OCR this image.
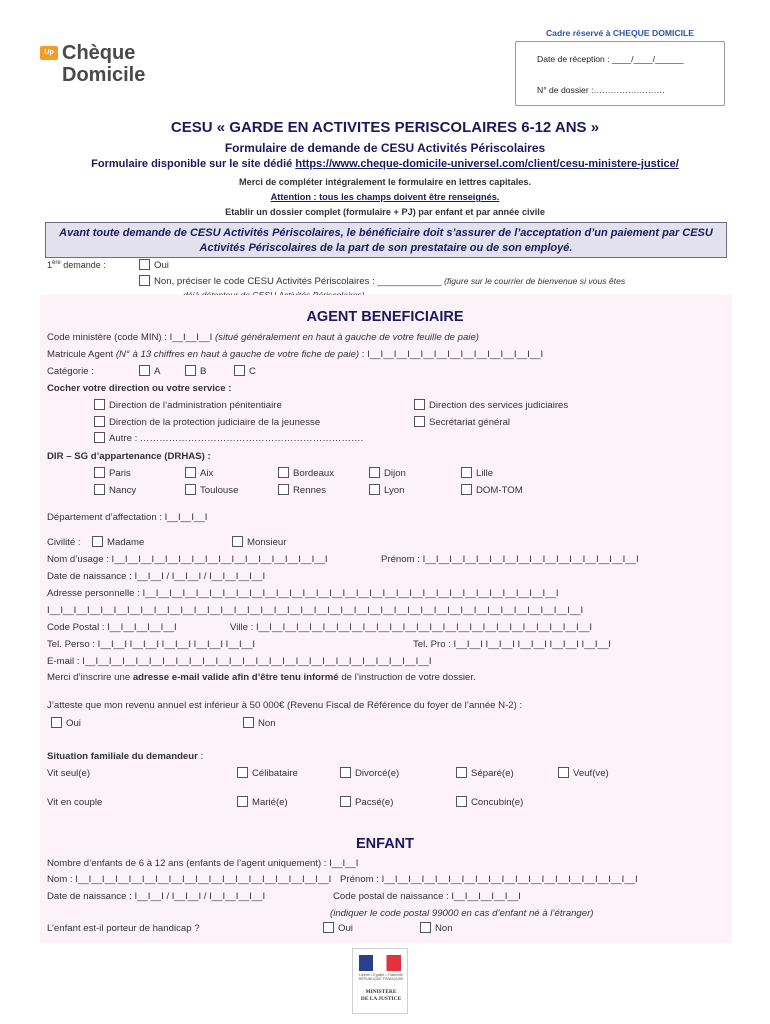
Up Chèque
Domicile
Cadre réservé à CHEQUE DOMICILE
Date de réception : ____/____/______
N° de dossier :…………………….
CESU « GARDE EN ACTIVITES PERISCOLAIRES 6-12 ANS »
Formulaire de demande de CESU Activités Périscolaires
Formulaire disponible sur le site dédié https://www.cheque-domicile-universel.com/client/cesu-ministere-justice/
Merci de compléter intégralement le formulaire en lettres capitales.
Attention : tous les champs doivent être renseignés.
Etablir un dossier complet (formulaire + PJ) par enfant et par année civile
Avant toute demande de CESU Activités Périscolaires, le bénéficiaire doit s’assurer de l’acceptation d’un paiement par CESU Activités Périscolaires de la part de son prestataire ou de son employé.
1ère demande :	Oui
Non, préciser le code CESU Activités Périscolaires : ____________ (figure sur le courrier de bienvenue si vous êtes
AGENT BENEFICIAIRE
Code ministère (code MIN) : I__I__I__I (situé généralement en haut à gauche de votre feuille de paie)
Matricule Agent (N° à 13 chiffres en haut à gauche de votre fiche de paie) : I__I__I__I__I__I__I__I__I__I__I__I__I__I
Catégorie :	A	B	C
Cocher votre direction ou votre service :
Direction de l’administration pénitentiaire	Direction des services judiciaires
Direction de la protection judiciaire de la jeunesse	Secrétariat général
Autre : …………………………………………………………….
DIR – SG d’appartenance (DRHAS) :
Paris	Aix	Bordeaux	Dijon	Lille
Nancy	Toulouse	Rennes	Lyon	DOM-TOM
Département d’affectation : I__I__I__I
Civilité :	Madame	Monsieur
Nom d’usage : I__I__I__I__I__I__I__I__I__I__I__I__I__I__I__I__I	Prénom : I__I__I__I__I__I__I__I__I__I__I__I__I__I__I__I__I
Date de naissance : I__I__I / I__I__I / I__I__I__I__I
Adresse personnelle : I__I__I__I__I__I__I__I__I__I__I__I__I__I__I__I__I__I__I__I__I__I__I__I__I__I__I__I__I__I__I__I
I__I__I__I__I__I__I__I__I__I__I__I__I__I__I__I__I__I__I__I__I__I__I__I__I__I__I__I__I__I__I__I__I__I__I__I__I__I__I__I__I
Code Postal : I__I__I__I__I__I	Ville : I__I__I__I__I__I__I__I__I__I__I__I__I__I__I__I__I__I__I__I__I__I__I__I__I__I
Tel. Perso : I__I__I I__I__I I__I__I I__I__I I__I__I	Tel. Pro : I__I__I I__I__I I__I__I I__I__I I__I__I
E-mail : I__I__I__I__I__I__I__I__I__I__I__I__I__I__I__I__I__I__I__I__I__I__I__I__I__I__I
Merci d’inscrire une adresse e-mail valide afin d’être tenu informé de l’instruction de votre dossier.
J’atteste que mon revenu annuel est inférieur à 50 000€ (Revenu Fiscal de Référence du foyer de l’année N-2) :
Oui	Non
Situation familiale du demandeur :
Vit seul(e)	Célibataire	Divorcé(e)	Séparé(e)	Veuf(ve)
Vit en couple	Marié(e)	Pacsé(e)	Concubin(e)
ENFANT
Nombre d’enfants de 6 à 12 ans (enfants de l’agent uniquement) : I__I__I
Nom : I__I__I__I__I__I__I__I__I__I__I__I__I__I__I__I__I__I__I__I Prénom : I__I__I__I__I__I__I__I__I__I__I__I__I__I__I__I__I__I__I__I
Date de naissance : I__I__I / I__I__I / I__I__I__I__I	Code postal de naissance : I__I__I__I__I__I
(indiquer le code postal 99000 en cas d’enfant né à l’étranger)
L’enfant est-il porteur de handicap ?	Oui	Non
Liberté • Égalité • Fraternité
RÉPUBLIQUE FRANÇAISE
MINISTÈRE
DE LA JUSTICE
